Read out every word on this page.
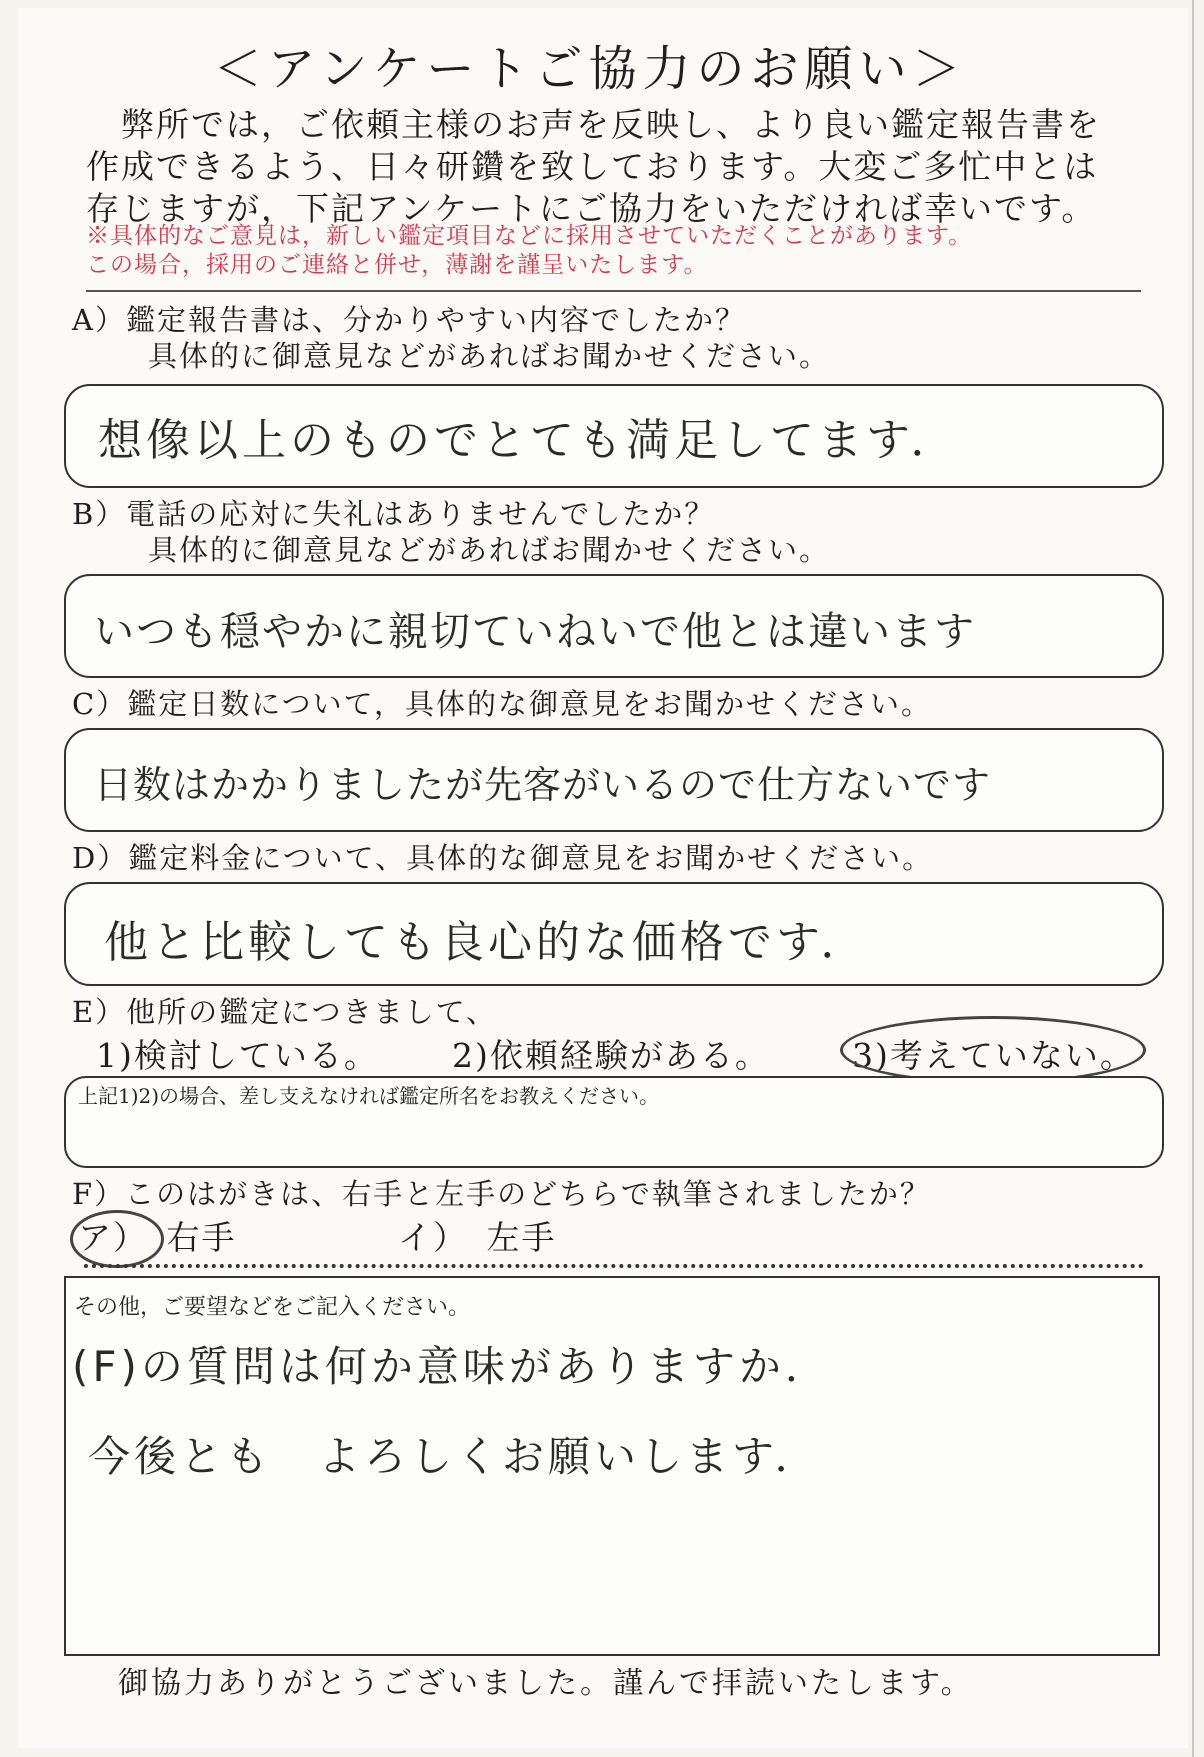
＜アンケートご協力のお願い＞
　弊所では，ご依頼主様のお声を反映し、より良い鑑定報告書を
作成できるよう、日々研鑽を致しております。大変ご多忙中とは
存じますが，下記アンケートにご協力をいただければ幸いです。
※具体的なご意見は，新しい鑑定項目などに採用させていただくことがあります。
この場合，採用のご連絡と併せ，薄謝を謹呈いたします。
A）鑑定報告書は、分かりやすい内容でしたか？
具体的に御意見などがあればお聞かせください。
想像以上のものでとても満足してます．
B）電話の応対に失礼はありませんでしたか？
具体的に御意見などがあればお聞かせください。
いつも穏やかに親切ていねいで他とは違います
C）鑑定日数について，具体的な御意見をお聞かせください。
日数はかかりましたが先客がいるので仕方ないです
D）鑑定料金について、具体的な御意見をお聞かせください。
他と比較しても良心的な価格です．
E）他所の鑑定につきまして、
1)検討している。 2)依頼経験がある。 3)考えていない。
上記1)2)の場合、差し支えなければ鑑定所名をお教えください。
F）このはがきは、右手と左手のどちらで執筆されましたか？
ア）　右手	イ）　左手
その他，ご要望などをご記入ください。
(F)の質問は何か意味がありますか．
今後とも　よろしくお願いします．
御協力ありがとうございました。謹んで拝読いたします。
